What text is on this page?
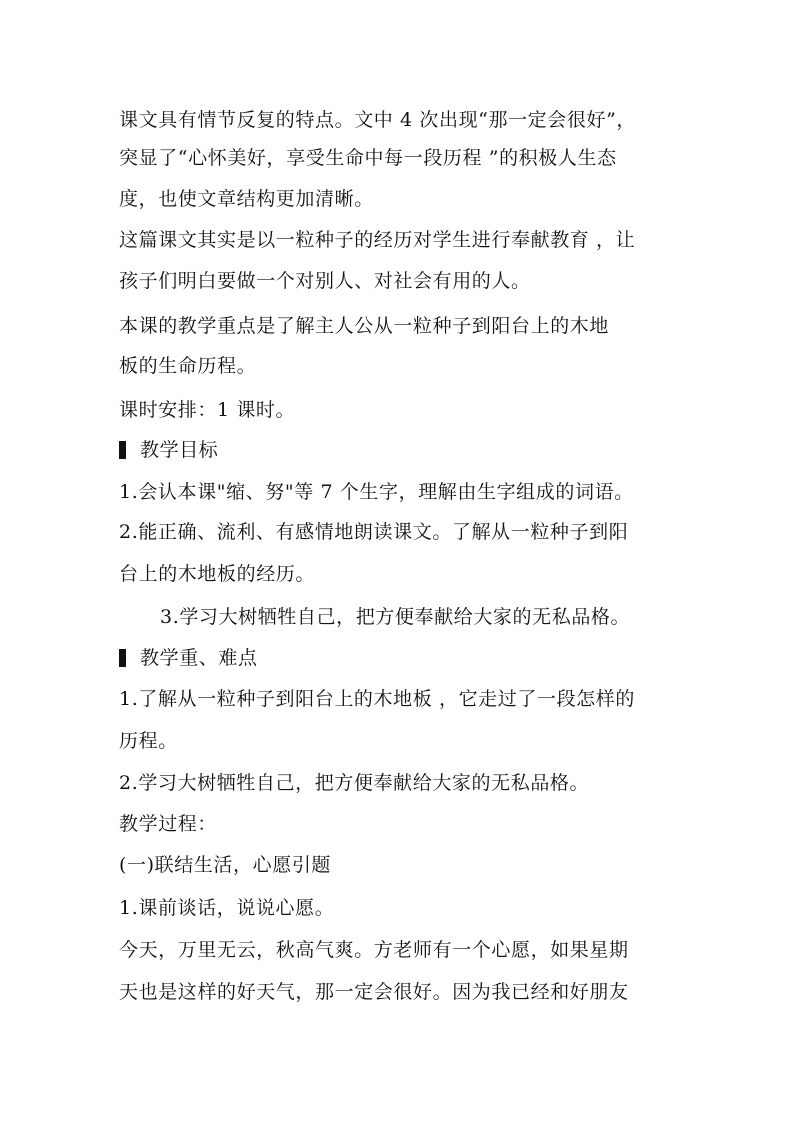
课文具有情节反复的特点。文中 4 次出现“那一定会很好”，
突显了“心怀美好，享受生命中每一段历程 ”的积极人生态
度，也使文章结构更加清晰。
这篇课文其实是以一粒种子的经历对学生进行奉献教育 ，让
孩子们明白要做一个对别人、对社会有用的人。
本课的教学重点是了解主人公从一粒种子到阳台上的木地
板的生命历程。
课时安排：1 课时。
教学目标
1.会认本课"缩、努"等 7 个生字，理解由生字组成的词语。
2.能正确、流利、有感情地朗读课文。了解从一粒种子到阳
台上的木地板的经历。
3.学习大树牺牲自己，把方便奉献给大家的无私品格。
教学重、难点
1.了解从一粒种子到阳台上的木地板 ，它走过了一段怎样的
历程。
2.学习大树牺牲自己，把方便奉献给大家的无私品格。
教学过程：
(一)联结生活，心愿引题
1.课前谈话，说说心愿。
今天，万里无云，秋高气爽。方老师有一个心愿，如果星期
天也是这样的好天气，那一定会很好。因为我已经和好朋友
